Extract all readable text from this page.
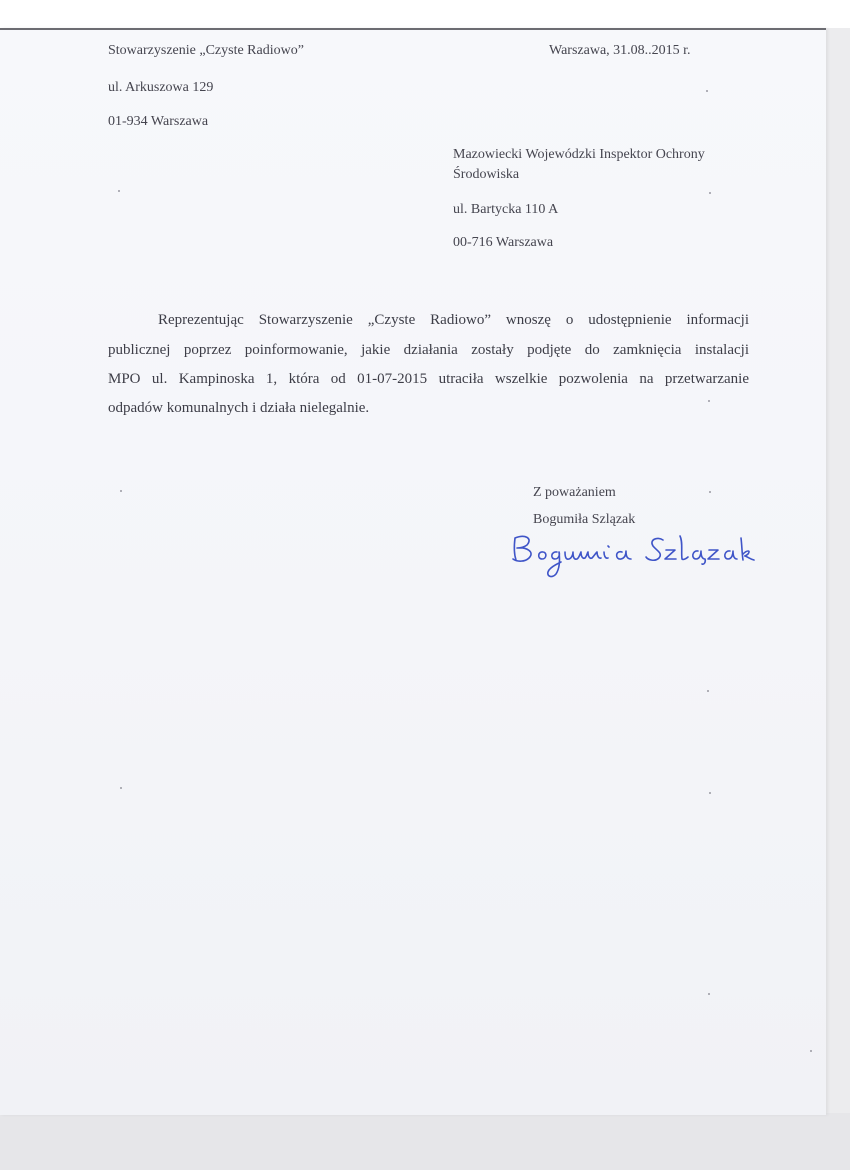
Stowarzyszenie „Czyste Radiowo”
ul. Arkuszowa 129
01-934 Warszawa
Warszawa, 31.08..2015 r.
Mazowiecki Wojewódzki Inspektor Ochrony
Środowiska
ul. Bartycka 110 A
00-716 Warszawa
Reprezentując Stowarzyszenie „Czyste Radiowo” wnoszę o udostępnienie informacji
publicznej poprzez poinformowanie, jakie działania zostały podjęte do zamknięcia instalacji
MPO ul. Kampinoska 1, która od 01-07-2015 utraciła wszelkie pozwolenia na przetwarzanie
odpadów komunalnych i działa nielegalnie.
Z poważaniem
Bogumiła Szlązak
